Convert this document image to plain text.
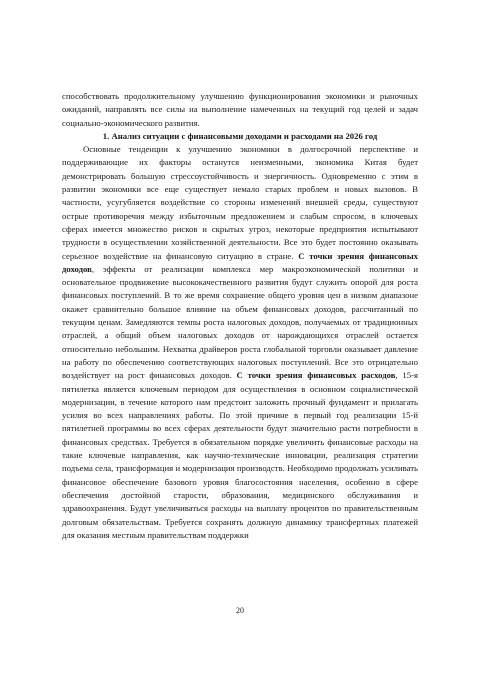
способствовать продолжительному улучшению функционирования экономики и рыночных ожиданий, направлять все силы на выполнение намеченных на текущий год целей и задач социально-экономического развития.

1. Анализ ситуации с финансовыми доходами и расходами на 2026 год

Основные тенденции к улучшению экономики в долгосрочной перспективе и поддерживающие их факторы останутся неизменными, экономика Китая будет демонстрировать большую стрессоустойчивость и энергичность. Одновременно с этим в развитии экономики все еще существует немало старых проблем и новых вызовов. В частности, усугубляется воздействие со стороны изменений внешней среды, существуют острые противоречия между избыточным предложением и слабым спросом, в ключевых сферах имеется множество рисков и скрытых угроз, некоторые предприятия испытывают трудности в осуществлении хозяйственной деятельности. Все это будет постоянно оказывать серьезное воздействие на финансовую ситуацию в стране. С точки зрения финансовых доходов, эффекты от реализации комплекса мер макроэкономической политики и основательное продвижение высококачественного развития будут служить опорой для роста финансовых поступлений. В то же время сохранение общего уровня цен в низком диапазоне окажет сравнительно большое влияние на объем финансовых доходов, рассчитанный по текущим ценам. Замедляются темпы роста налоговых доходов, получаемых от традиционных отраслей, а общий объем налоговых доходов от нарождающихся отраслей остается относительно небольшим. Нехватка драйверов роста глобальной торговли оказывает давление на работу по обеспечению соответствующих налоговых поступлений. Все это отрицательно воздействует на рост финансовых доходов. С точки зрения финансовых расходов, 15-я пятилетка является ключевым периодом для осуществления в основном социалистической модернизации, в течение которого нам предстоит заложить прочный фундамент и прилагать усилия во всех направлениях работы. По этой причине в первый год реализации 15-й пятилетней программы во всех сферах деятельности будут значительно расти потребности в финансовых средствах. Требуется в обязательном порядке увеличить финансовые расходы на такие ключевые направления, как научно-технические инновации, реализация стратегии подъема села, трансформация и модернизация производств. Необходимо продолжать усиливать финансовое обеспечение базового уровня благосостояния населения, особенно в сфере обеспечения достойной старости, образования, медицинского обслуживания и здравоохранения. Будут увеличиваться расходы на выплату процентов по правительственным долговым обязательствам. Требуется сохранять должную динамику трансфертных платежей для оказания местным правительствам поддержки

20
